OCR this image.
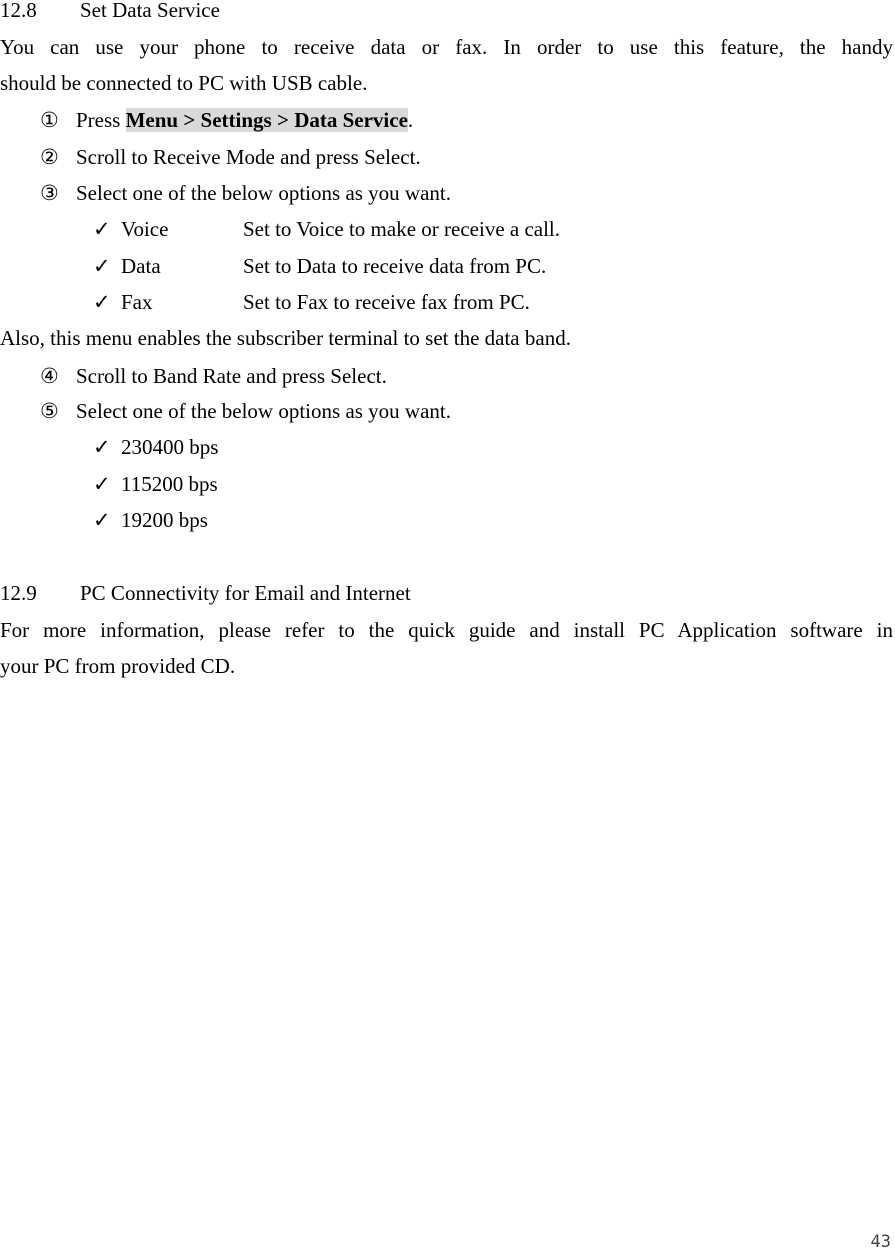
12.8 Set Data Service
You can use your phone to receive data or fax. In order to use this feature, the handy
should be connected to PC with USB cable.
① Press Menu > Settings > Data Service.
② Scroll to Receive Mode and press Select.
③ Select one of the below options as you want.
✓ Voice	Set to Voice to make or receive a call.
✓ Data	Set to Data to receive data from PC.
✓ Fax	Set to Fax to receive fax from PC.
Also, this menu enables the subscriber terminal to set the data band.
④ Scroll to Band Rate and press Select.
⑤ Select one of the below options as you want.
✓ 230400 bps
✓ 115200 bps
✓ 19200 bps
12.9 PC Connectivity for Email and Internet
For more information, please refer to the quick guide and install PC Application software in
your PC from provided CD.
43
